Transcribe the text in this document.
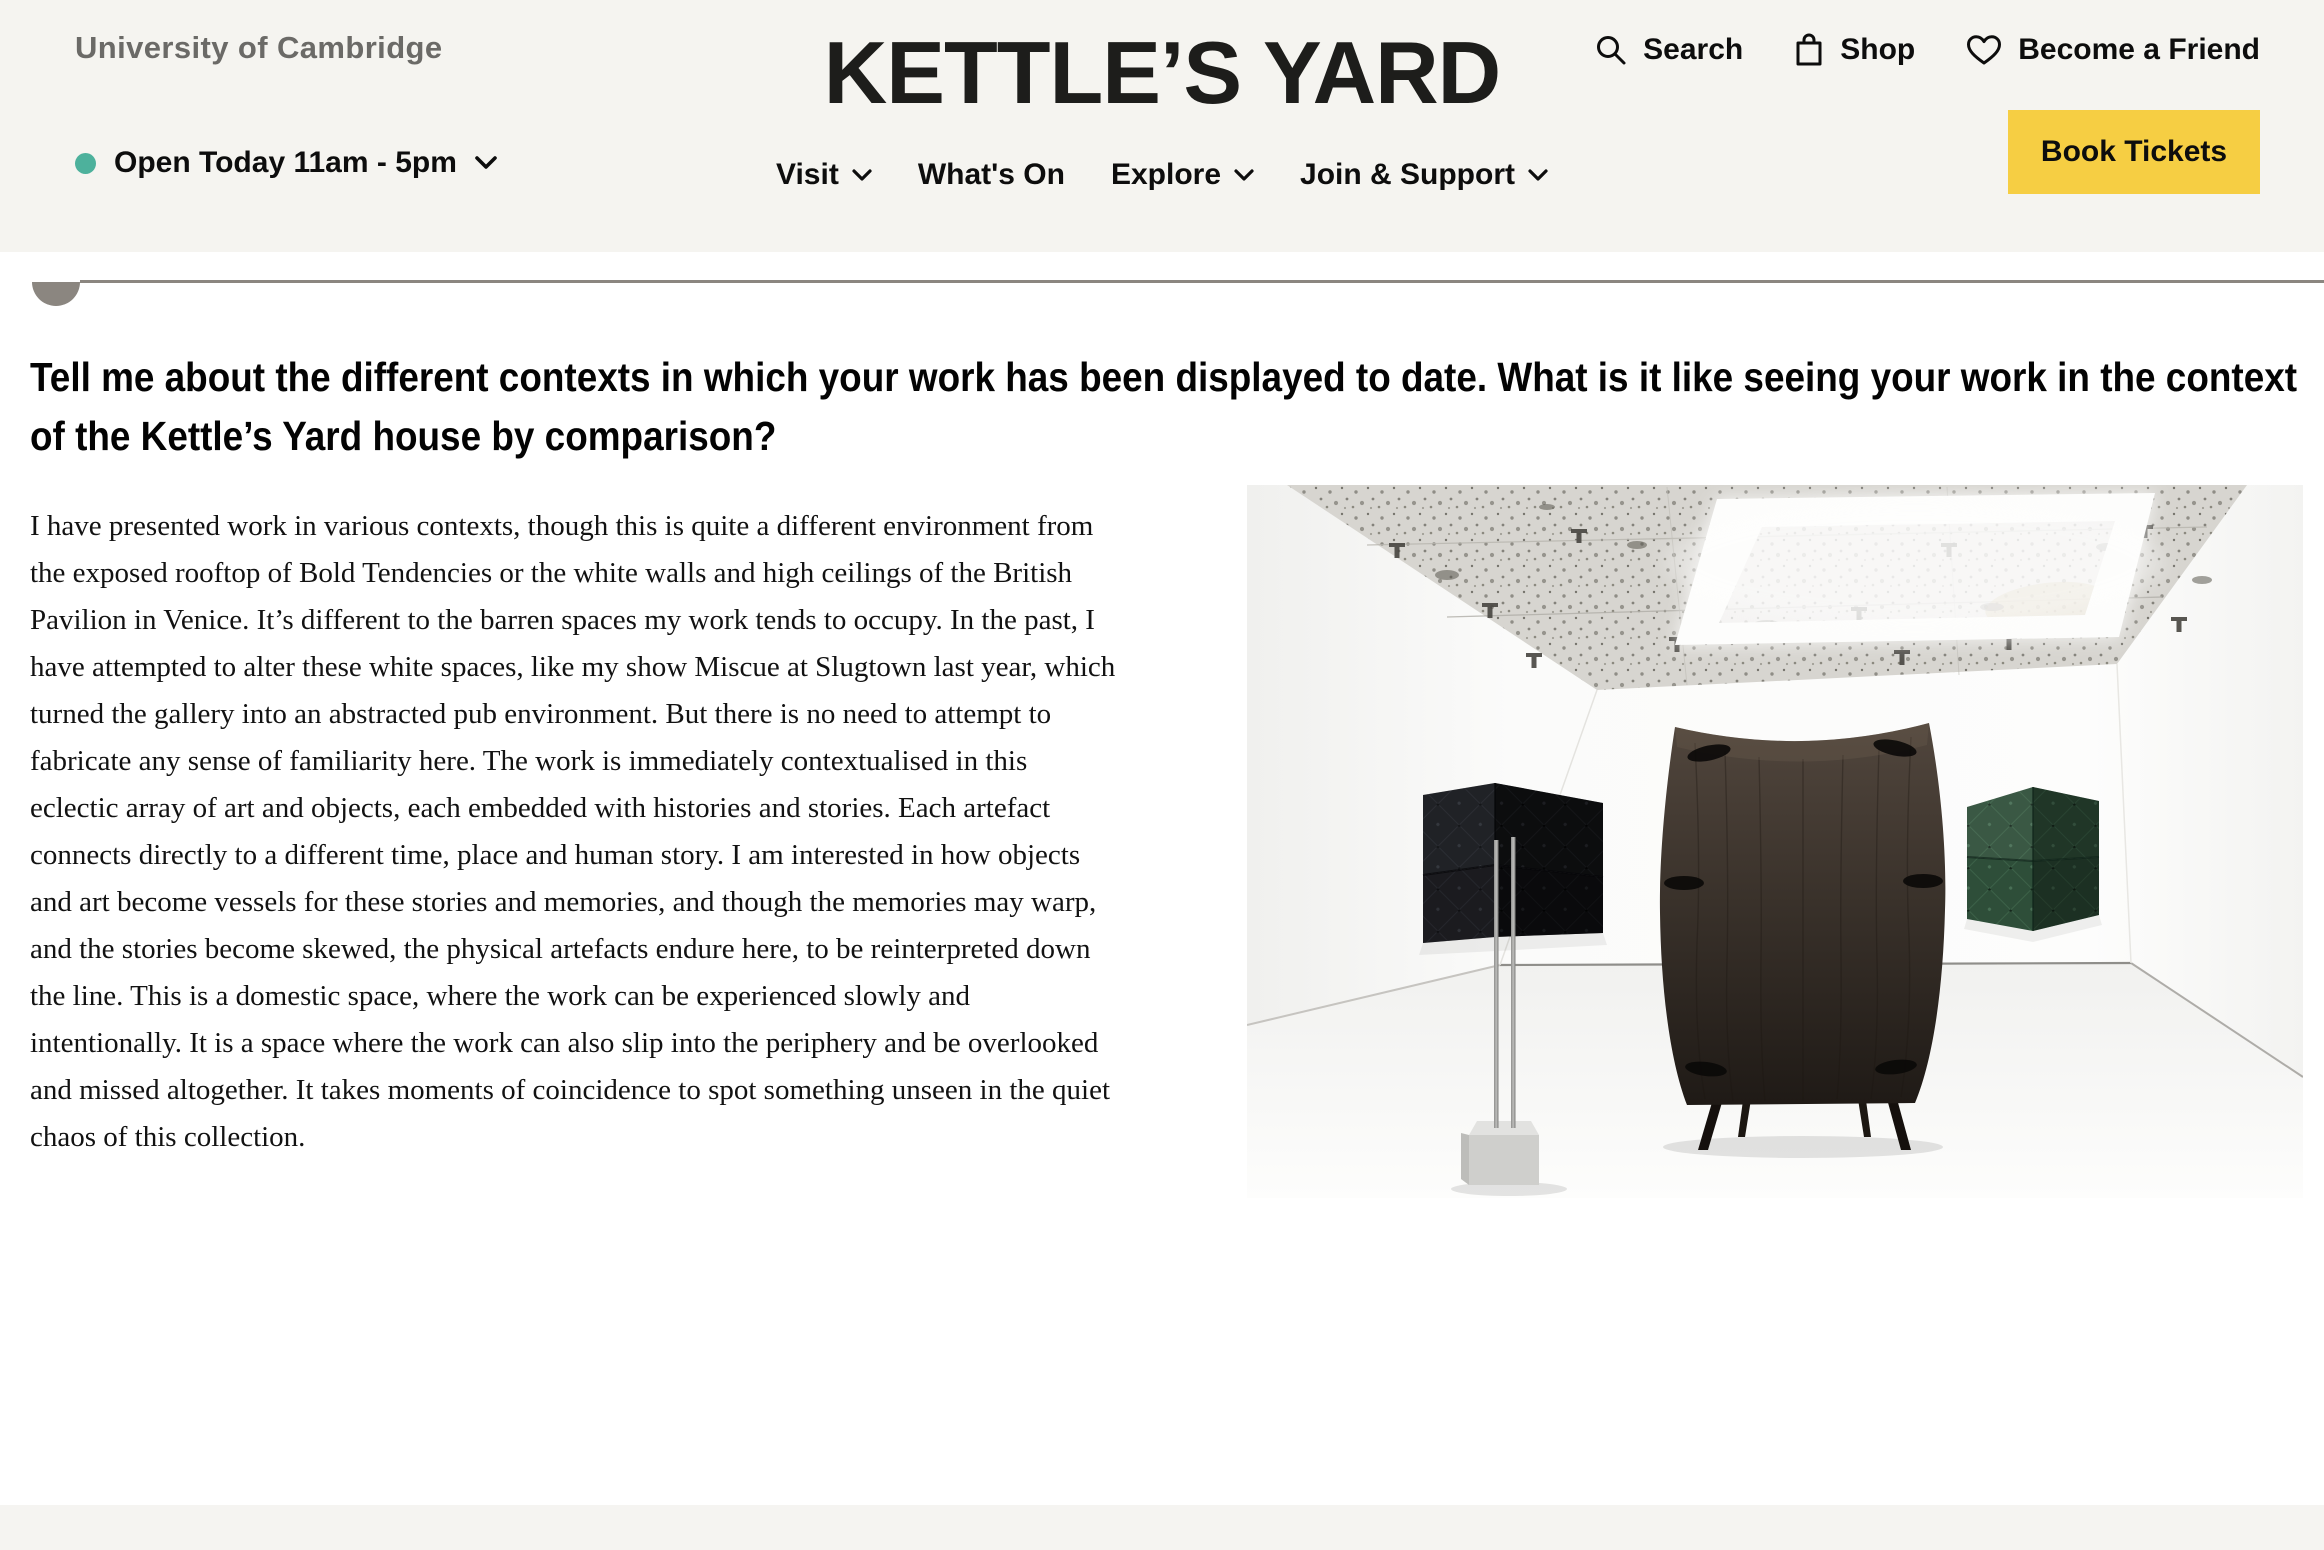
University of Cambridge
Open Today 11am - 5pm
KETTLE’S YARD
Visit	What's On Explore	Join & Support
Search	Shop	Become a Friend
Book Tickets
Tell me about the different contexts in which your work has been displayed to date. What is it like seeing your work in the context of the Kettle’s Yard house by comparison?

I have presented work in various contexts, though this is quite a different environment from the exposed rooftop of Bold Tendencies or the white walls and high ceilings of the British Pavilion in Venice. It’s different to the barren spaces my work tends to occupy. In the past, I have attempted to alter these white spaces, like my show Miscue at Slugtown last year, which turned the gallery into an abstracted pub environment. But there is no need to attempt to fabricate any sense of familiarity here. The work is immediately contextualised in this eclectic array of art and objects, each embedded with histories and stories. Each artefact connects directly to a different time, place and human story. I am interested in how objects and art become vessels for these stories and memories, and though the memories may warp, and the stories become skewed, the physical artefacts endure here, to be reinterpreted down the line. This is a domestic space, where the work can be experienced slowly and intentionally. It is a space where the work can also slip into the periphery and be overlooked and missed altogether. It takes moments of coincidence to spot something unseen in the quiet chaos of this collection.
